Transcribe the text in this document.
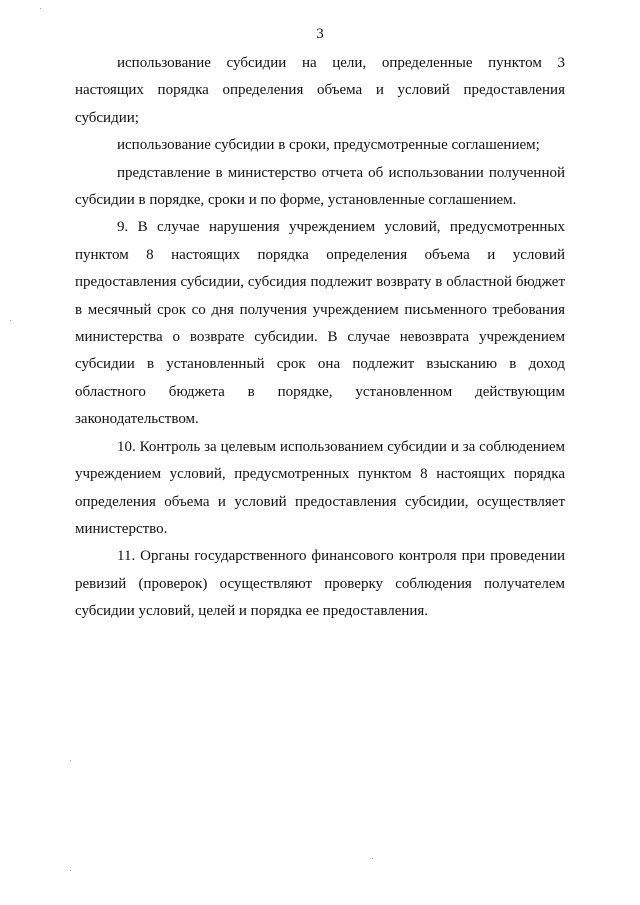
3

использование субсидии на цели, определенные пунктом 3 настоящих порядка определения объема и условий предоставления субсидии;

использование субсидии в сроки, предусмотренные соглашением;

представление в министерство отчета об использовании полученной субсидии в порядке, сроки и по форме, установленные соглашением.

9. В случае нарушения учреждением условий, предусмотренных пунктом 8 настоящих порядка определения объема и условий предоставления субсидии, субсидия подлежит возврату в областной бюджет в месячный срок со дня получения учреждением письменного требования министерства о возврате субсидии. В случае невозврата учреждением субсидии в установленный срок она подлежит взысканию в доход областного бюджета в порядке, установленном действующим законодательством.

10. Контроль за целевым использованием субсидии и за соблюдением учреждением условий, предусмотренных пунктом 8 настоящих порядка определения объема и условий предоставления субсидии, осуществляет министерство.

11. Органы государственного финансового контроля при проведении ревизий (проверок) осуществляют проверку соблюдения получателем субсидии условий, целей и порядка ее предоставления.
